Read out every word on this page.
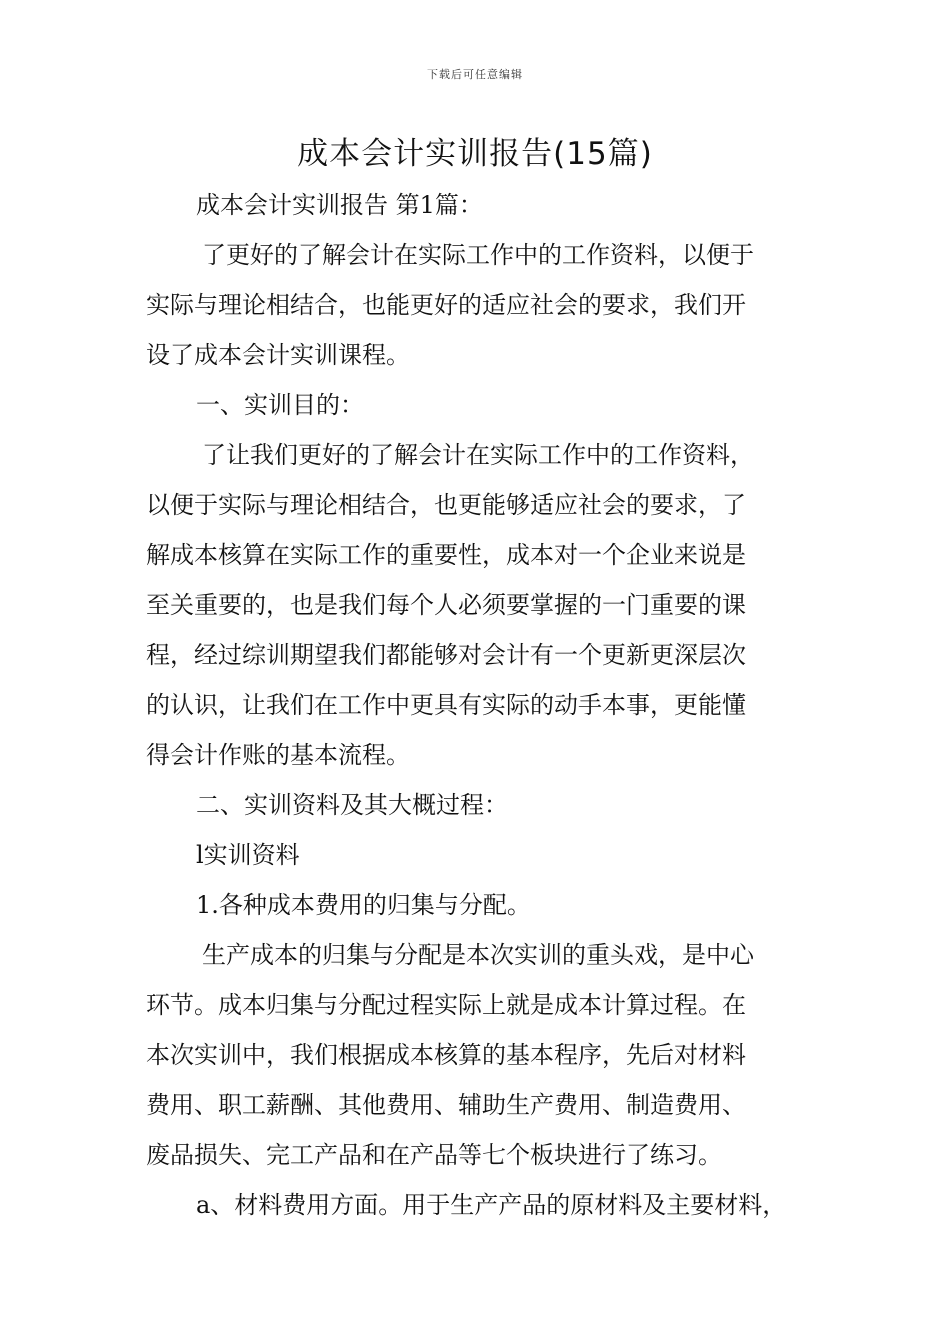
下载后可任意编辑
成本会计实训报告(15篇)
成本会计实训报告 第1篇：
了更好的了解会计在实际工作中的工作资料，以便于
实际与理论相结合，也能更好的适应社会的要求，我们开
设了成本会计实训课程。
一、实训目的：
了让我们更好的了解会计在实际工作中的工作资料，
以便于实际与理论相结合，也更能够适应社会的要求，了
解成本核算在实际工作的重要性，成本对一个企业来说是
至关重要的，也是我们每个人必须要掌握的一门重要的课
程，经过综训期望我们都能够对会计有一个更新更深层次
的认识，让我们在工作中更具有实际的动手本事，更能懂
得会计作账的基本流程。
二、实训资料及其大概过程：
l实训资料
1.各种成本费用的归集与分配。
生产成本的归集与分配是本次实训的重头戏，是中心
环节。成本归集与分配过程实际上就是成本计算过程。在
本次实训中，我们根据成本核算的基本程序，先后对材料
费用、职工薪酬、其他费用、辅助生产费用、制造费用、
废品损失、完工产品和在产品等七个板块进行了练习。
a、材料费用方面。用于生产产品的原材料及主要材料，
